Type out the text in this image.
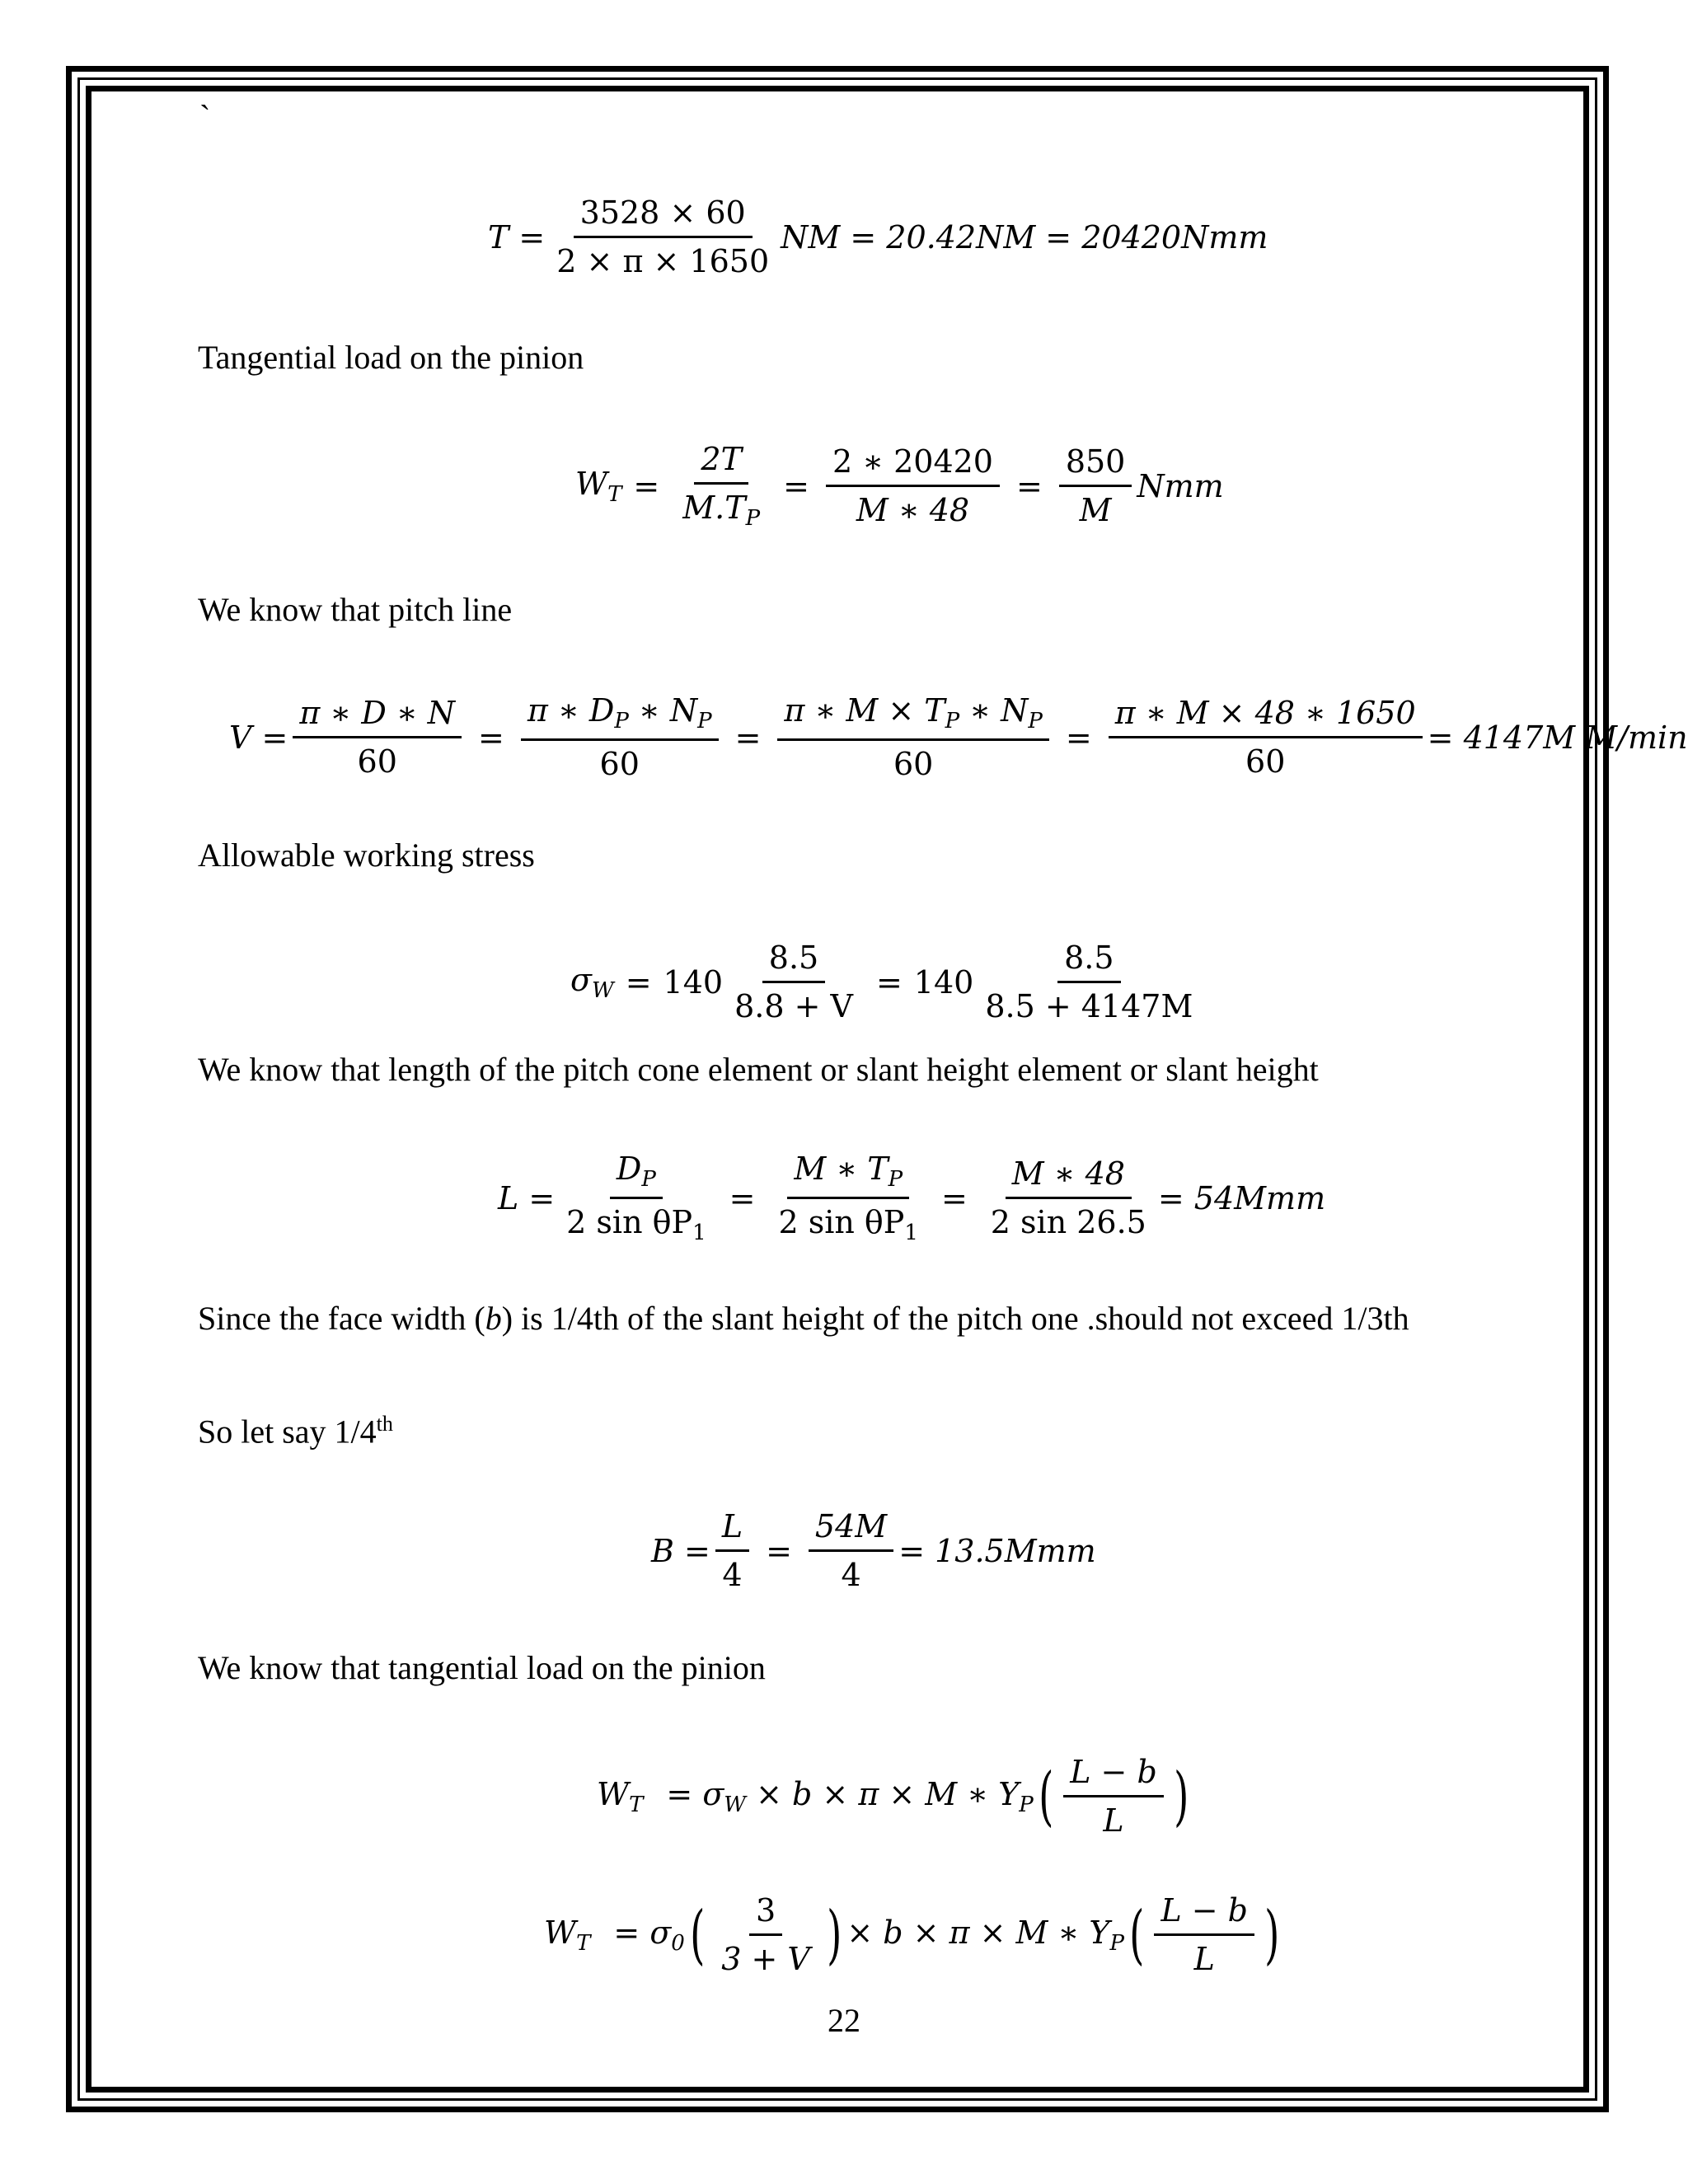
`
$T = \frac{3528 \times 60}{2 \times \pi \times 1650}$ NM = 20.42NM = 20420Nmm
Tangential load on the pinion
$W_T = \frac{2T}{M.T_P} = \frac{2 ∗ 20420}{M ∗ 48} = \frac{850}{M}$ Nmm
We know that pitch line
$V = \frac{\pi ∗ D ∗ N}{60} = \frac{\pi ∗ D_P ∗ N_P}{60} = \frac{\pi ∗ M \times T_P ∗ N_P}{60} = \frac{\pi ∗ M \times 48 ∗ 1650}{60} = 4147M$ M/min
Allowable working stress
$\sigma_W = 140 \frac{8.5}{8.8 + V} = 140 \frac{8.5}{8.5 + 4147M}$
We know that length of the pitch cone element or slant height element or slant height
$L = \frac{D_P}{2 \sin \theta P_1} = \frac{M ∗ T_P}{2 \sin \theta P_1} = \frac{M ∗ 48}{2 \sin 26.5} = 54Mmm$
Since the face width (b) is 1/4th of the slant height of the pitch one .should not exceed 1/3th
So let say 1/4th
$B = \frac{L}{4} = \frac{54M}{4} = 13.5Mmm$
We know that tangential load on the pinion
$W_T = \sigma_W \times b \times \pi \times M$ ∗ $Y_P$ ( $\frac{L - b}{L}$ )
$W_T = \sigma_0$ ( $\frac{3}{3 + V}$ ) × b × π × M ∗ $Y_P$ ( $\frac{L - b}{L}$ )
22
